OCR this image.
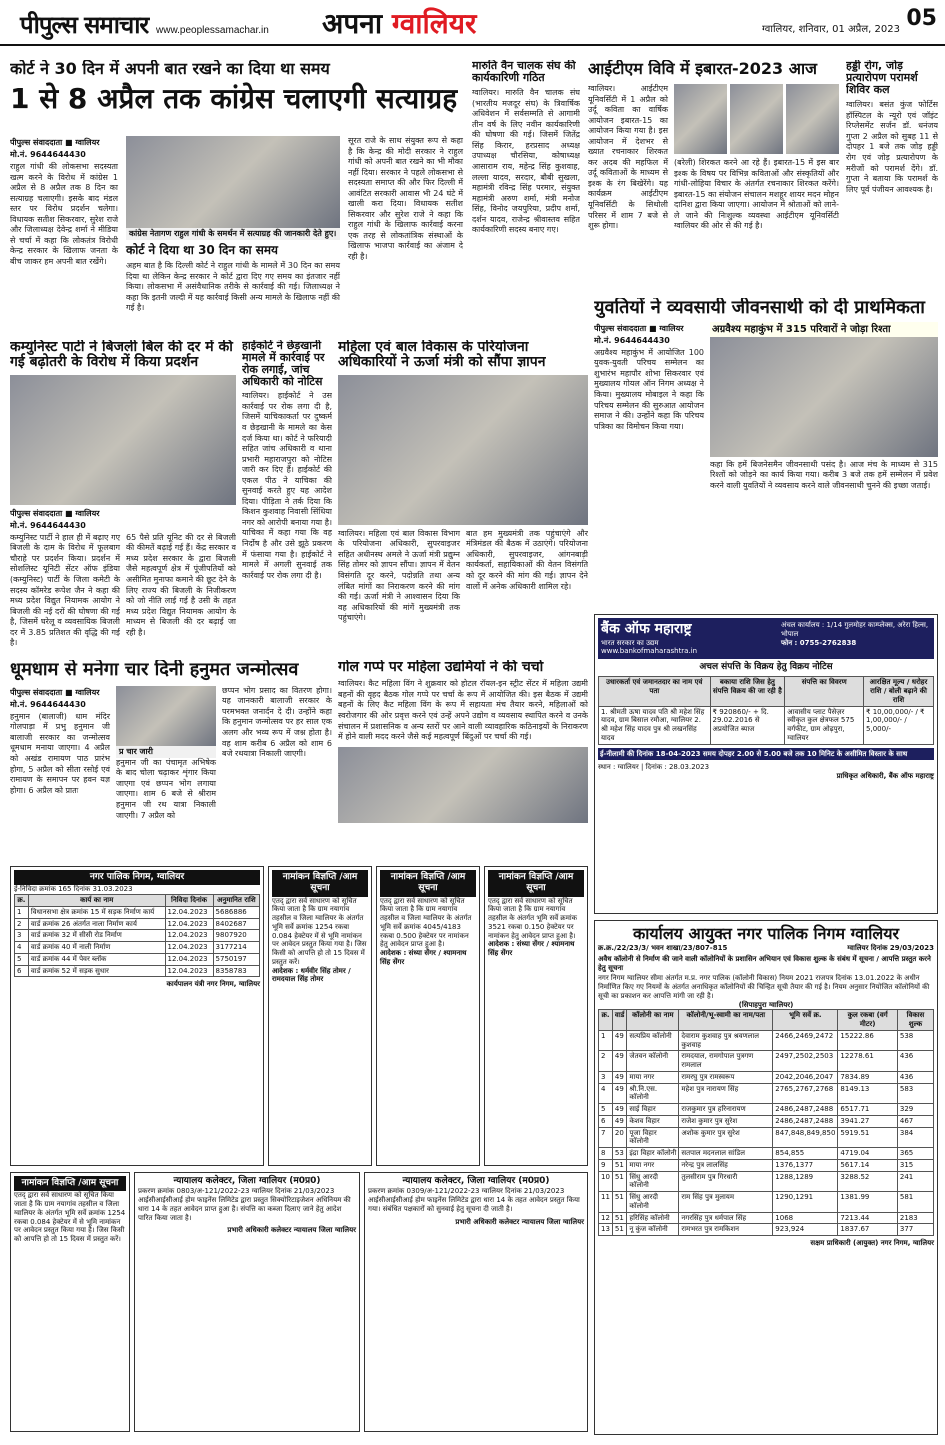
पीपुल्स समाचार www.peoplessamachar.in अपना ग्वालियर	ग्वालियर, शनिवार, 01 अप्रैल, 2023 05
कोर्ट ने 30 दिन में अपनी बात रखने का दिया था समय
1 से 8 अप्रैल तक कांग्रेस चलाएगी सत्याग्रह
पीपुल्स संवाददाता ■ ग्वालियर
मो.नं. 9644644430
राहुल गांधी की लोकसभा सदस्यता खत्म करने के विरोध में कांग्रेस 1 अप्रैल से 8 अप्रैल तक 8 दिन का सत्याग्रह चलाएगी। इसके बाद मंडल स्तर पर विरोध प्रदर्शन चलेगा। विधायक सतीश सिकरवार, सुरेश राजे और जिलाध्यक्ष देवेन्द्र शर्मा ने मीडिया से चर्चा में कहा कि लोकतंत्र विरोधी केन्द्र सरकार के खिलाफ जनता के बीच जाकर हम अपनी बात रखेंगे।
कांग्रेस नेतागण राहुल गांधी के समर्थन में सत्याग्रह की जानकारी देते हुए।
कोर्ट ने दिया था 30 दिन का समय
अहम बात है कि दिल्ली कोर्ट ने राहुल गांधी के मामले में 30 दिन का समय दिया था लेकिन केन्द्र सरकार ने कोर्ट द्वारा दिए गए समय का इंतजार नहीं किया। लोकसभा में असंवैधानिक तरीके से कार्रवाई की गई। जिलाध्यक्ष ने कहा कि इतनी जल्दी में यह कार्रवाई किसी अन्य मामले के खिलाफ नहीं की गई है।
सूरत राजे के साथ संयुक्त रूप से कहा है कि केन्द्र की मोदी सरकार ने राहुल गांधी को अपनी बात रखने का भी मौका नहीं दिया। सरकार ने पहले लोकसभा से सदस्यता समाप्त की और फिर दिल्ली में आवंटित सरकारी आवास भी 24 घंटे में खाली करा दिया। विधायक सतीश सिकरवार और सुरेश राजे ने कहा कि राहुल गांधी के खिलाफ कार्रवाई करना एक तरह से लोकतांत्रिक संस्थाओं के खिलाफ भाजपा कार्रवाई का अंजाम दे रही है।
मारुति वैन चालक संघ की कार्यकारिणी गठित
ग्वालियर। मारुति वैन चालक संघ (भारतीय मजदूर संघ) के त्रिवार्षिक अधिवेशन में सर्वसम्मति से आगामी तीन वर्ष के लिए नवीन कार्यकारिणी की घोषणा की गई। जिसमें जितेंद्र सिंह किरार, हरप्रसाद अध्यक्ष उपाध्यक्ष चौरसिया, कोषाध्यक्ष आसाराम राय, महेन्द्र सिंह कुशवाह, लल्ला यादव, सरदार, बौबी सुखला, महामंत्री रविन्द्र सिंह परमार, संयुक्त महामंत्री अरुण शर्मा, मंत्री मनोज सिंह, विनोद जयपुरिया, प्रदीप शर्मा, दर्शन यादव, राजेन्द्र श्रीवास्तव सहित कार्यकारिणी सदस्य बनाए गए।
आईटीएम विवि में इबारत-2023 आज
ग्वालियर। आईटीएम यूनिवर्सिटी में 1 अप्रैल को उर्दू कविता का वार्षिक आयोजन इबारत-15 का आयोजन किया गया है। इस आयोजन में देशभर से ख्यात रचनाकार शिरकत कर अदब की महफिल में उर्दू कविताओं के माध्यम से इश्क के रंग बिखेरेंगे। यह कार्यक्रम आईटीएम यूनिवर्सिटी के सिथोली परिसर में शाम 7 बजे से शुरू होगा।
(बरेली) शिरकत करने आ रहे हैं। इबारत-15 में इस बार इश्क के विषय पर विभिन्न कविताओं और संस्कृतियों और गांधी-लोहिया विचार के अंतर्गत रचनाकार शिरकत करेंगे। इबारत-15 का संयोजन संचालन मशहूर शायर मदन मोहन दानिश द्वारा किया जाएगा। आयोजन में श्रोताओं को लाने-ले जाने की निःशुल्क व्यवस्था आईटीएम यूनिवर्सिटी ग्वालियर की ओर से की गई है।
हड्डी रोग, जोड़ प्रत्यारोपण परामर्श शिविर कल
ग्वालियर। बसंत कुंज फोर्टिस हॉस्पिटल के न्यूरो एवं जॉइंट रिप्लेसमेंट सर्जन डॉ. धनंजय गुप्ता 2 अप्रैल को सुबह 11 से दोपहर 1 बजे तक जोड़ हड्डी रोग एवं जोड़ प्रत्यारोपण के मरीजों को परामर्श देंगे। डॉ. गुप्ता ने बताया कि परामर्श के लिए पूर्व पंजीयन आवश्यक है।
कम्युनिस्ट पार्टी ने बिजली बिल की दर में की गई बढ़ोतरी के विरोध में किया प्रदर्शन
पीपुल्स संवाददाता ■ ग्वालियर
मो.नं. 9644644430
कम्युनिस्ट पार्टी ने हाल ही में बढ़ाए गए बिजली के दाम के विरोध में फूलबाग चौराहे पर प्रदर्शन किया। प्रदर्शन में सोशलिस्ट यूनिटी सेंटर ऑफ इंडिया (कम्युनिस्ट) पार्टी के जिला कमेटी के सदस्य कॉमरेड रूपेश जैन ने कहा की मध्य प्रदेश विद्युत नियामक आयोग ने बिजली की नई दरों की घोषणा की गई है, जिसमें घरेलू व व्यवसायिक बिजली दर में 3.85 प्रतिशत की वृद्धि की गई है।
65 पैसे प्रति यूनिट की दर से बिजली की कीमतें बढ़ाई गई हैं। केंद्र सरकार व मध्य प्रदेश सरकार के द्वारा बिजली जैसे महत्वपूर्ण क्षेत्र में पूंजीपतियों को असीमित मुनाफा कमाने की छूट देने के लिए राज्य की बिजली के निजीकरण को जो नीति लाई गई है उसी के तहत मध्य प्रदेश विद्युत नियामक आयोग के माध्यम से बिजली की दर बढ़ाई जा रही है।
हाईकोर्ट ने छेड़खानी मामले में कार्रवाई पर रोक लगाई, जांच अधिकारी को नोटिस
ग्वालियर। हाईकोर्ट ने उस कार्रवाई पर रोक लगा दी है, जिसमें याचिकाकर्ता पर दुष्कर्म व छेड़खानी के मामले का केस दर्ज किया था। कोर्ट ने फरियादी सहित जांच अधिकारी व थाना प्रभारी महाराजपुरा को नोटिस जारी कर दिए हैं। हाईकोर्ट की एकल पीठ ने याचिका की सुनवाई करते हुए यह आदेश दिया। पीड़िता ने तर्क दिया कि किशन कुशवाह निवासी सिंधिया नगर को आरोपी बनाया गया है। याचिका में कहा गया कि वह निर्दोष है और उसे झूठे प्रकरण में फंसाया गया है। हाईकोर्ट ने मामले में अगली सुनवाई तक कार्रवाई पर रोक लगा दी है।
महिला एवं बाल विकास के परियोजना अधिकारियों ने ऊर्जा मंत्री को सौंपा ज्ञापन
ग्वालियर। महिला एवं बाल विकास विभाग के परियोजना अधिकारी, सुपरवाइजर सहित अधीनस्थ अमले ने ऊर्जा मंत्री प्रद्युम्न सिंह तोमर को ज्ञापन सौंपा। ज्ञापन में वेतन विसंगति दूर करने, पदोन्नति तथा अन्य लंबित मांगों का निराकरण करने की मांग की गई। ऊर्जा मंत्री ने आश्वासन दिया कि वह अधिकारियों की मांगें मुख्यमंत्री तक पहुंचाएंगे।
बात हम मुख्यमंत्री तक पहुंचाएंगे और मंत्रिमंडल की बैठक में उठाएंगे। परियोजना अधिकारी, सुपरवाइजर, आंगनबाड़ी कार्यकर्ता, सहायिकाओं की वेतन विसंगति को दूर करने की मांग की गई। ज्ञापन देने वालों में अनेक अधिकारी शामिल रहे।
युवतियों ने व्यवसायी जीवनसाथी को दी प्राथमिकता
पीपुल्स संवाददाता ■ ग्वालियर
मो.नं. 9644644430
अग्रवैश्य महाकुंभ में आयोजित 100 युवक-युवती परिचय सम्मेलन का शुभारंभ महापौर शोभा सिकरवार एवं मुख्यालय गोयल ऑन निगम अध्यक्ष ने किया। मुख्यालय मोबाइल ने कहा कि परिचय सम्मेलन की सुरुआत आयोजन समाज ने की। उन्होंने कहा कि परिचय पत्रिका का विमोचन किया गया।
अग्रवैश्य महाकुंभ में 315 परिवारों ने जोड़ा रिश्ता
कहा कि हमें बिजनेसमैन जीवनसाथी पसंद है। आज मंच के माध्यम से 315 रिश्तों को जोड़ने का कार्य किया गया। करीब 3 बजे तक हमें सम्मेलन में प्रवेश करने वाली युवतियों ने व्यवसाय करने वाले जीवनसाथी चुनने की इच्छा जताई।
धूमधाम से मनेगा चार दिनी हनुमत जन्मोत्सव
पीपुल्स संवाददाता ■ ग्वालियर
मो.नं. 9644644430
हनुमान (बालाजी) धाम मंदिर गोलपाड़ा में प्रभु हनुमान जी बालाजी सरकार का जन्मोत्सव धूमधाम मनाया जाएगा। 4 अप्रैल को अखंड रामायण पाठ प्रारंभ होगा, 5 अप्रैल को सीता रसोई एवं रामायण के समापन पर हवन यज्ञ होगा। 6 अप्रैल को प्रातः
प्र चार जारी
हनुमान जी का पंचामृत अभिषेक के बाद चोला चढ़ाकर शृंगार किया जाएगा एवं छप्पन भोग लगाया जाएगा। शाम 6 बजे से श्रीराम हनुमान जी रथ यात्रा निकाली जाएगी। 7 अप्रैल को
छप्पन भोग प्रसाद का वितरण होगा। यह जानकारी बालाजी सरकार के परमभक्त जनार्दन दे दी। उन्होंने कहा कि हनुमान जन्मोत्सव पर हर साल एक अलग और भव्य रूप में जश्न होता है। वह शाम करीब 6 अप्रैल को शाम 6 बजे रथयात्रा निकाली जाएगी।
गोल गप्पे पर महिला उद्यमियों ने की चर्चा
ग्वालियर। कैट महिला विंग ने शुक्रवार को होटल रॉयल-इन स्ट्रीट सेंटर में महिला उद्यमी बहनों की वृहद बैठक गोल गप्पे पर चर्चा के रूप में आयोजित की। इस बैठक में उद्यमी बहनों के लिए कैट महिला विंग के रूप में सहायता मंच तैयार करने, महिलाओं को स्वरोजगार की ओर प्रवृत्त करने एवं उन्हें अपने उद्योग व व्यवसाय स्थापित करने व उनके संचालन में प्रशासनिक व अन्य स्तरों पर आने वाली व्यावहारिक कठिनाइयों के निराकरण में होने वाली मदद करने जैसे कई महत्वपूर्ण बिंदुओं पर चर्चा की गई।
बैंक ऑफ महाराष्ट्र
भारत सरकार का उद्यम
www.bankofmaharashtra.in
अंचल कार्यालय : 1/14 गुलमोहर काम्प्लेक्स, अरेरा हिल्स, भोपाल
फोन : 0755-2762838
अचल संपत्ति के विक्रय हेतु विक्रय नोटिस
उधारकर्ता एवं जमानतदार का नाम एवं पता	बकाया राशि जिस हेतु संपत्ति विक्रय की जा रही है	संपत्ति का विवरण	आरक्षित मूल्य / धरोहर राशि / बोली बढ़ाने की राशि
1. श्रीमती ऊषा यादव पति श्री महेश सिंह यादव, ग्राम बिसाल रमौआ, ग्वालियर 2. श्री महेश सिंह यादव पुत्र श्री लखनसिंह यादव	₹ 920860/- + दि. 29.02.2016 से अप्रयोजित ब्याज	आवासीय प्लाट पैसेज़र स्वीकृत कुल क्षेत्रफल 575 वर्गफीट, ग्राम ओढ़पुरा, ग्वालियर	₹ 10,00,000/- / ₹ 1,00,000/- / 5,000/-
ई-नीलामी की दिनांक 18-04-2023 समय दोपहर 2.00 से 5.00 बजे तक 10 मिनिट के असीमित विस्तार के साथ
स्थान : ग्वालियर | दिनांक : 28.03.2023
प्राधिकृत अधिकारी, बैंक ऑफ महाराष्ट्र
नगर पालिक निगम, ग्वालियर
ई-निविदा क्रमांक 165 दिनांक 31.03.2023
क्र.	कार्य का नाम	निविदा दिनांक	अनुमानित राशि
1	विधानसभा क्षेत्र क्रमांक 15 में सड़क निर्माण कार्य	12.04.2023	5686886
2	वार्ड क्रमांक 26 अंतर्गत नाला निर्माण कार्य	12.04.2023	8402687
3	वार्ड क्रमांक 32 में सीसी रोड निर्माण	12.04.2023	9807920
4	वार्ड क्रमांक 40 में नाली निर्माण	12.04.2023	3177214
5	वार्ड क्रमांक 44 में पेवर ब्लॉक	12.04.2023	5750197
6	वार्ड क्रमांक 52 में सड़क सुधार	12.04.2023	8358783
कार्यपालन यंत्री नगर निगम, ग्वालियर
नामांकन विज्ञप्ति /आम सूचना
एतद् द्वारा सर्व साधारण को सूचित किया जाता है कि ग्राम नयागांव तहसील व जिला ग्वालियर के अंतर्गत भूमि सर्वे क्रमांक 1254 रकबा 0.084 हेक्टेयर में से भूमि नामांकन पर आवेदन प्रस्तुत किया गया है। जिस किसी को आपत्ति हो तो 15 दिवस में प्रस्तुत करें।
आदेशक : धर्मवीर सिंह तोमर / रामदयाल सिंह तोमर
नामांकन विज्ञप्ति /आम सूचना
एतद् द्वारा सर्व साधारण को सूचित किया जाता है कि ग्राम नयागांव तहसील व जिला ग्वालियर के अंतर्गत भूमि सर्वे क्रमांक 4045/4183 रकबा 0.500 हेक्टेयर पर नामांकन हेतु आवेदन प्राप्त हुआ है।
आदेशक : संध्या सेंगर / श्यामनाथ सिंह सेंगर
नामांकन विज्ञप्ति /आम सूचना
एतद् द्वारा सर्व साधारण को सूचित किया जाता है कि ग्राम नयागांव तहसील के अंतर्गत भूमि सर्वे क्रमांक 3521 रकबा 0.150 हेक्टेयर पर नामांकन हेतु आवेदन प्राप्त हुआ है।
आदेशक : संध्या सेंगर / श्यामनाथ सिंह सेंगर
नामांकन विज्ञप्ति /आम सूचना
एतद् द्वारा सर्व साधारण को सूचित किया जाता है कि ग्राम नयागांव तहसील व जिला ग्वालियर के अंतर्गत भूमि सर्वे क्रमांक 1254 रकबा 0.084 हेक्टेयर में से भूमि नामांकन पर आवेदन प्रस्तुत किया गया है। जिस किसी को आपत्ति हो तो 15 दिवस में प्रस्तुत करें।
न्यायालय कलेक्टर, जिला ग्वालियर (म0प्र0)
प्रकरण क्रमांक 0803/अ-121/2022-23 ग्वालियर दिनांक 21/03/2023 आईसीआईसीआई होम फाइनेंस लिमिटेड द्वारा प्रस्तुत सिक्योरिटाइजेशन अधिनियम की धारा 14 के तहत आवेदन प्राप्त हुआ है। संपत्ति का कब्जा दिलाए जाने हेतु आदेश पारित किया जाता है।
प्रभारी अधिकारी कलेक्टर न्यायालय जिला ग्वालियर
न्यायालय कलेक्टर, जिला ग्वालियर (म0प्र0)
प्रकरण क्रमांक 0309/अ-121/2022-23 ग्वालियर दिनांक 21/03/2023 आईसीआईसीआई होम फाइनेंस लिमिटेड द्वारा धारा 14 के तहत आवेदन प्रस्तुत किया गया। संबंधित पक्षकारों को सुनवाई हेतु सूचना दी जाती है।
प्रभारी अधिकारी कलेक्टर न्यायालय जिला ग्वालियर
कार्यालय आयुक्त नगर पालिक निगम ग्वालियर
क्र.क्र./22/23/3/ भवन शाखा/23/807-815	ग्वालियर दिनांक 29/03/2023
अवैध कॉलोनी से निर्माण की जाने वाली कॉलोनियों के प्रशासिन अभियान एवं विकास शुल्क के संबंध में सूचना / आपत्ति प्रस्तुत करने हेतु सूचना
नगर निगम ग्वालियर सीमा अंतर्गत म.प्र. नगर पालिक (कॉलोनी विकास) नियम 2021 राजपत्र दिनांक 13.01.2022 के अधीन निर्माणित किए गए नियमों के अंतर्गत अनाधिकृत कॉलोनियों की चिन्हित सूची तैयार की गई है। नियम अनुसार नियोजित कॉलोनियों की सूची का प्रकाशन कर आपत्ति मांगी जा रही है।
(सिपाहपुरा ग्वालियर)
क्र.	वार्ड	कॉलोनी का नाम	कॉलोनी/भू-स्वामी का नाम/पता	भूमि सर्वे क्र.	कुल रकबा (वर्ग मीटर)	विकास शुल्क
1	49	सत्यप्रिय कॉलोनी	देवाराम कुशवाह पुत्र श्रवणलाल कुशवाह	2466,2469,2472	15222.86	538
2	49	जेतवन कॉलोनी	रामदयाल, रामगोपाल पुत्रगण रामलाल	2497,2502,2503	12278.61	436
3	49	माया नगर	रामरघु पुत्र रामस्वरूप	2042,2046,2047	7834.89	436
4	49	श्री.नि.एस. कॉलोनी	महेश पुत्र नारायण सिंह	2765,2767,2768	8149.13	583
5	49	साई विहार	राजकुमार पुत्र हरिनारायण	2486,2487,2488	6517.71	329
6	49	केशव विहार	राजेश कुमार पुत्र सुरेश	2486,2487,2488	3941.27	467
7	20	पूजा विहार कॉलोनी	अशोक कुमार पुत्र सुरेश	847,848,849,850	5919.51	384
8	53	इंद्रा विहार कॉलोनी	सतपाल मदनलाल सांडिल	854,855	4719.04	365
9	51	माया नगर	नरेन्द्र पुत्र लालसिंह	1376,1377	5617.14	315
10	51	सिंधु आरदी कॉलोनी	तुलसीराम पुत्र गिरधारी	1288,1289	3288.52	241
11	51	सिंधु आरदी कॉलोनी	राम सिंह पुत्र मुलायम	1290,1291	1381.99	581
12	51	हरिसिंह कॉलोनी	नगरसिंह पुत्र धर्मपाल सिंह	1068	7213.44	2183
13	51	नू कुंज कॉलोनी	रामभरत पुत्र रामकिशन	923,924	1837.67	377
सक्षम प्राधिकारी (आयुक्त) नगर निगम, ग्वालियर
